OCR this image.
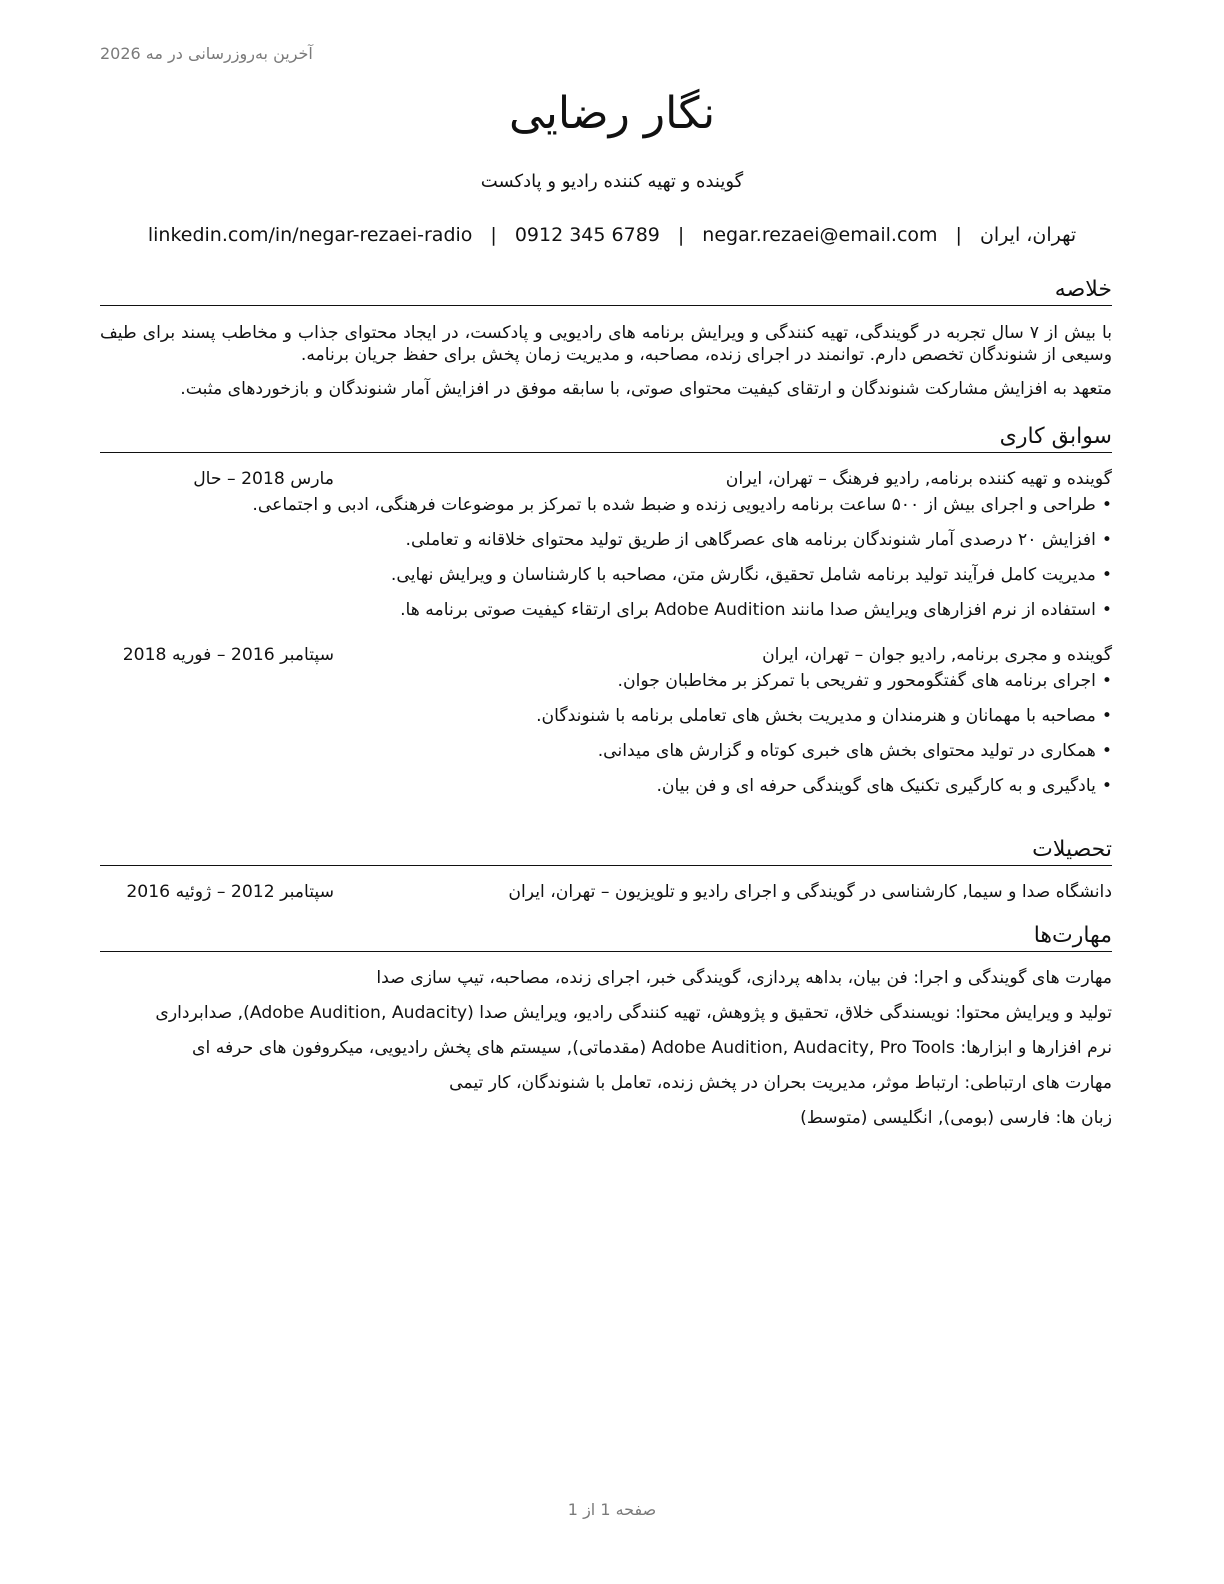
آخرین به‌روزرسانی در مه 2026
نگار رضایی
گوینده و تهیه کننده رادیو و پادکست
تهران، ایران
|
negar.rezaei@email.com
|
0912 345 6789
|
linkedin.com/in/negar-rezaei-radio
خلاصه

با بیش از ۷ سال تجربه در گویندگی، تهیه کنندگی و ویرایش برنامه های رادیویی و پادکست، در ایجاد محتوای جذاب و مخاطب پسند برای طیف وسیعی از شنوندگان تخصص دارم. توانمند در اجرای زنده، مصاحبه، و مدیریت زمان پخش برای حفظ جریان برنامه.

متعهد به افزایش مشارکت شنوندگان و ارتقای کیفیت محتوای صوتی، با سابقه موفق در افزایش آمار شنوندگان و بازخوردهای مثبت.

سوابق کاری
گوینده و تهیه کننده برنامه, رادیو فرهنگ – تهران، ایران
مارس 2018 – حال
•طراحی و اجرای بیش از ۵۰۰ ساعت برنامه رادیویی زنده و ضبط شده با تمرکز بر موضوعات فرهنگی، ادبی و اجتماعی.
•افزایش ۲۰ درصدی آمار شنوندگان برنامه های عصرگاهی از طریق تولید محتوای خلاقانه و تعاملی.
•مدیریت کامل فرآیند تولید برنامه شامل تحقیق، نگارش متن، مصاحبه با کارشناسان و ویرایش نهایی.
•استفاده از نرم افزارهای ویرایش صدا مانند Adobe Audition برای ارتقاء کیفیت صوتی برنامه ها.
گوینده و مجری برنامه, رادیو جوان – تهران، ایران
سپتامبر 2016 – فوریه 2018
•اجرای برنامه های گفتگومحور و تفریحی با تمرکز بر مخاطبان جوان.
•مصاحبه با مهمانان و هنرمندان و مدیریت بخش های تعاملی برنامه با شنوندگان.
•همکاری در تولید محتوای بخش های خبری کوتاه و گزارش های میدانی.
•یادگیری و به کارگیری تکنیک های گویندگی حرفه ای و فن بیان.
تحصیلات
دانشگاه صدا و سیما, کارشناسی در گویندگی و اجرای رادیو و تلویزیون – تهران، ایران
سپتامبر 2012 – ژوئیه 2016
مهارت‌ها
مهارت های گویندگی و اجرا: فن بیان، بداهه پردازی، گویندگی خبر، اجرای زنده، مصاحبه، تیپ سازی صدا
تولید و ویرایش محتوا: نویسندگی خلاق، تحقیق و پژوهش، تهیه کنندگی رادیو، ویرایش صدا (Adobe Audition, Audacity), صدابرداری
نرم افزارها و ابزارها: Adobe Audition, Audacity, Pro Tools (مقدماتی), سیستم های پخش رادیویی، میکروفون های حرفه ای
مهارت های ارتباطی: ارتباط موثر، مدیریت بحران در پخش زنده، تعامل با شنوندگان، کار تیمی
زبان ها: فارسی (بومی), انگلیسی (متوسط)
صفحه 1 از 1
